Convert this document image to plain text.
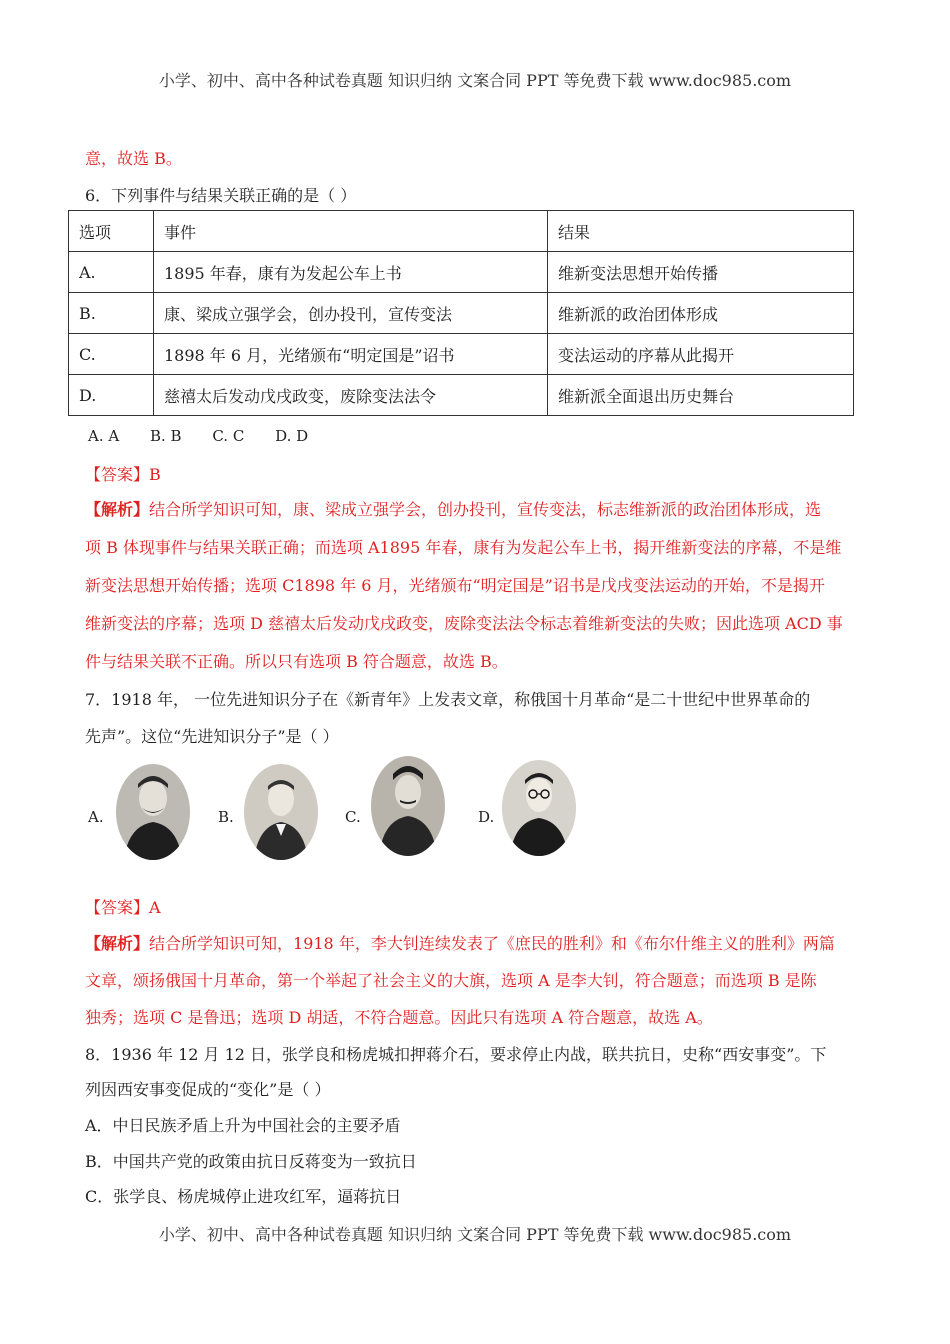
小学、初中、高中各种试卷真题 知识归纳 文案合同 PPT 等免费下载 www.doc985.com
小学、初中、高中各种试卷真题 知识归纳 文案合同 PPT 等免费下载 www.doc985.com
意，故选 B。
6．下列事件与结果关联正确的是（ ）
选项	事件	结果
A.	1895 年春，康有为发起公车上书	维新变法思想开始传播
B.	康、梁成立强学会，创办投刊，宣传变法	维新派的政治团体形成
C.	1898 年 6 月，光绪颁布“明定国是”诏书	变法运动的序幕从此揭开
D.	慈禧太后发动戊戌政变，废除变法法令	维新派全面退出历史舞台
A. A B. B C. C D. D
【答案】B
【解析】结合所学知识可知，康、梁成立强学会，创办投刊，宣传变法，标志维新派的政治团体形成，选
项 B 体现事件与结果关联正确；而选项 A1895 年春，康有为发起公车上书，揭开维新变法的序幕，不是维
新变法思想开始传播；选项 C1898 年 6 月，光绪颁布“明定国是”诏书是戊戌变法运动的开始，不是揭开
维新变法的序幕；选项 D 慈禧太后发动戊戌政变，废除变法法令标志着维新变法的失败；因此选项 ACD 事
件与结果关联不正确。所以只有选项 B 符合题意，故选 B。
7．1918 年， 一位先进知识分子在《新青年》上发表文章，称俄国十月革命“是二十世纪中世界革命的
先声”。这位“先进知识分子”是（ ）
A.	B.	C.	D.
【答案】A
【解析】结合所学知识可知，1918 年，李大钊连续发表了《庶民的胜利》和《布尔什维主义的胜利》两篇
文章，颂扬俄国十月革命，第一个举起了社会主义的大旗，选项 A 是李大钊，符合题意；而选项 B 是陈
独秀；选项 C 是鲁迅；选项 D 胡适，不符合题意。因此只有选项 A 符合题意，故选 A。
8．1936 年 12 月 12 日，张学良和杨虎城扣押蒋介石，要求停止内战，联共抗日，史称“西安事变”。下
列因西安事变促成的“变化”是（ ）
A．中日民族矛盾上升为中国社会的主要矛盾
B．中国共产党的政策由抗日反蒋变为一致抗日
C．张学良、杨虎城停止进攻红军，逼蒋抗日
